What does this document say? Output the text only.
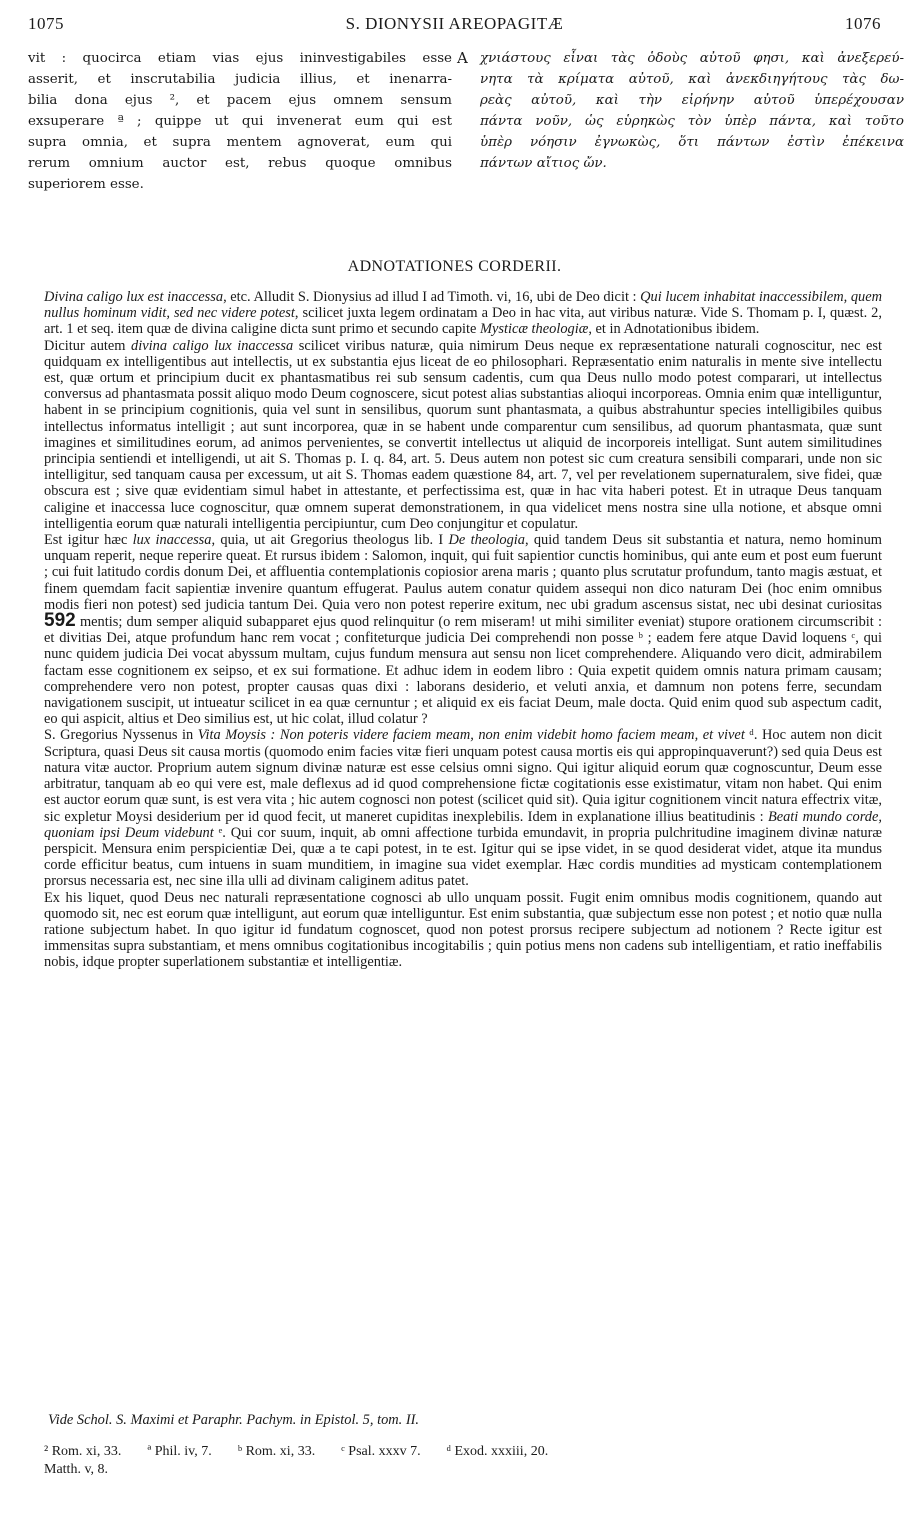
1075	S. DIONYSII AREOPAGITÆ	1076
vit : quocirca etiam vias ejus ininvestigabiles esse
asserit, et inscrutabilia judicia illius, et inenarra-
bilia dona ejus ², et pacem ejus omnem sensum
exsuperare ª ; quippe ut qui invenerat eum qui est
supra omnia, et supra mentem agnoverat, eum qui
rerum omnium auctor est, rebus quoque omnibus
superiorem esse.
A χνιάστους εἶναι τὰς ὁδοὺς αὐτοῦ φησι, καὶ ἀνεξερεύ-
νητα τὰ κρίματα αὐτοῦ, καὶ ἀνεκδιηγήτους τὰς δω-
ρεὰς αὐτοῦ, καὶ τὴν εἰρήνην αὐτοῦ ὑπερέχουσαν
πάντα νοῦν, ὡς εὑρηκὼς τὸν ὑπὲρ πάντα, καὶ τοῦτο
ὑπὲρ νόησιν ἐγνωκὼς, ὅτι πάντων ἐστὶν ἐπέκεινα
πάντων αἴτιος ὤν.
ADNOTATIONES CORDERII.

Divina caligo lux est inaccessa, etc. Alludit S. Dionysius ad illud I ad Timoth. vi, 16, ubi de Deo dicit : Qui lucem inhabitat inaccessibilem, quem nullus hominum vidit, sed nec videre potest, scilicet juxta legem ordinatam a Deo in hac vita, aut viribus naturæ. Vide S. Thomam p. I, quæst. 2, art. 1 et seq. item quæ de divina caligine dicta sunt primo et secundo capite Mysticæ theologiæ, et in Adnotationibus ibidem.

Dicitur autem divina caligo lux inaccessa scilicet viribus naturæ, quia nimirum Deus neque ex repræsentatione naturali cognoscitur, nec est quidquam ex intelligentibus aut intellectis, ut ex substantia ejus liceat de eo philosophari. Repræsentatio enim naturalis in mente sive intellectu est, quæ ortum et principium ducit ex phantasmatibus rei sub sensum cadentis, cum qua Deus nullo modo potest comparari, ut intellectus conversus ad phantasmata possit aliquo modo Deum cognoscere, sicut potest alias substantias alioqui incorporeas. Omnia enim quæ intelliguntur, habent in se principium cognitionis, quia vel sunt in sensilibus, quorum sunt phantasmata, a quibus abstrahuntur species intelligibiles quibus intellectus informatus intelligit ; aut sunt incorporea, quæ in se habent unde comparentur cum sensilibus, ad quorum phantasmata, quæ sunt imagines et similitudines eorum, ad animos pervenientes, se convertit intellectus ut aliquid de incorporeis intelligat. Sunt autem similitudines principia sentiendi et intelligendi, ut ait S. Thomas p. I. q. 84, art. 5. Deus autem non potest sic cum creatura sensibili comparari, unde non sic intelligitur, sed tanquam causa per excessum, ut ait S. Thomas eadem quæstione 84, art. 7, vel per revelationem supernaturalem, sive fidei, quæ obscura est ; sive quæ evidentiam simul habet in attestante, et perfectissima est, quæ in hac vita haberi potest. Et in utraque Deus tanquam caligine et inaccessa luce cognoscitur, quæ omnem superat demonstrationem, in qua videlicet mens nostra sine ulla notione, et absque omni intelligentia eorum quæ naturali intelligentia percipiuntur, cum Deo conjungitur et copulatur.

Est igitur hæc lux inaccessa, quia, ut ait Gregorius theologus lib. I De theologia, quid tandem Deus sit substantia et natura, nemo hominum unquam reperit, neque reperire queat. Et rursus ibidem : Salomon, inquit, qui fuit sapientior cunctis hominibus, qui ante eum et post eum fuerunt ; cui fuit latitudo cordis donum Dei, et affluentia contemplationis copiosior arena maris ; quanto plus scrutatur profundum, tanto magis æstuat, et finem quemdam facit sapientiæ invenire quantum effugerat. Paulus autem conatur quidem assequi non dico naturam Dei (hoc enim omnibus modis fieri non potest) sed judicia tantum Dei. Quia vero non potest reperire exitum, nec ubi gradum ascensus sistat, nec ubi desinat curiositas 592 mentis; dum semper aliquid subapparet ejus quod relinquitur (o rem miseram! ut mihi similiter eveniat) stupore orationem circumscribit : et divitias Dei, atque profundum hanc rem vocat ; confiteturque judicia Dei comprehendi non posse ᵇ ; eadem fere atque David loquens ᶜ, qui nunc quidem judicia Dei vocat abyssum multam, cujus fundum mensura aut sensu non licet comprehendere. Aliquando vero dicit, admirabilem factam esse cognitionem ex seipso, et ex sui formatione. Et adhuc idem in eodem libro : Quia expetit quidem omnis natura primam causam; comprehendere vero non potest, propter causas quas dixi : laborans desiderio, et veluti anxia, et damnum non potens ferre, secundam navigationem suscipit, ut intueatur scilicet in ea quæ cernuntur ; et aliquid ex eis faciat Deum, male docta. Quid enim quod sub aspectum cadit, eo qui aspicit, altius et Deo similius est, ut hic colat, illud colatur ?

S. Gregorius Nyssenus in Vita Moysis : Non poteris videre faciem meam, non enim videbit homo faciem meam, et vivet ᵈ. Hoc autem non dicit Scriptura, quasi Deus sit causa mortis (quomodo enim facies vitæ fieri unquam potest causa mortis eis qui appropinquaverunt?) sed quia Deus est natura vitæ auctor. Proprium autem signum divinæ naturæ est esse celsius omni signo. Qui igitur aliquid eorum quæ cognoscuntur, Deum esse arbitratur, tanquam ab eo qui vere est, male deflexus ad id quod comprehensione fictæ cogitationis esse existimatur, vitam non habet. Qui enim est auctor eorum quæ sunt, is est vera vita ; hic autem cognosci non potest (scilicet quid sit). Quia igitur cognitionem vincit natura effectrix vitæ, sic expletur Moysi desiderium per id quod fecit, ut maneret cupiditas inexplebilis. Idem in explanatione illius beatitudinis : Beati mundo corde, quoniam ipsi Deum videbunt ᵉ. Qui cor suum, inquit, ab omni affectione turbida emundavit, in propria pulchritudine imaginem divinæ naturæ perspicit. Mensura enim perspicientiæ Dei, quæ a te capi potest, in te est. Igitur qui se ipse videt, in se quod desiderat videt, atque ita mundus corde efficitur beatus, cum intuens in suam munditiem, in imagine sua videt exemplar. Hæc cordis mundities ad mysticam contemplationem prorsus necessaria est, nec sine illa ulli ad divinam caliginem aditus patet.

Ex his liquet, quod Deus nec naturali repræsentatione cognosci ab ullo unquam possit. Fugit enim omnibus modis cognitionem, quando aut quomodo sit, nec est eorum quæ intelligunt, aut eorum quæ intelliguntur. Est enim substantia, quæ subjectum esse non potest ; et notio quæ nulla ratione subjectum habet. In quo igitur id fundatum cognoscet, quod non potest prorsus recipere subjectum ad notionem ? Recte igitur est immensitas supra substantiam, et mens omnibus cogitationibus incogitabilis ; quin potius mens non cadens sub intelligentiam, et ratio ineffabilis nobis, idque propter superlationem substantiæ et intelligentiæ.

Vide Schol. S. Maximi et Paraphr. Pachym. in Epistol. 5, tom. II.
² Rom. xi, 33. ª Phil. iv, 7. ᵇ Rom. xi, 33. ᶜ Psal. xxxv 7. ᵈ Exod. xxxiii, 20.
Matth. v, 8.
